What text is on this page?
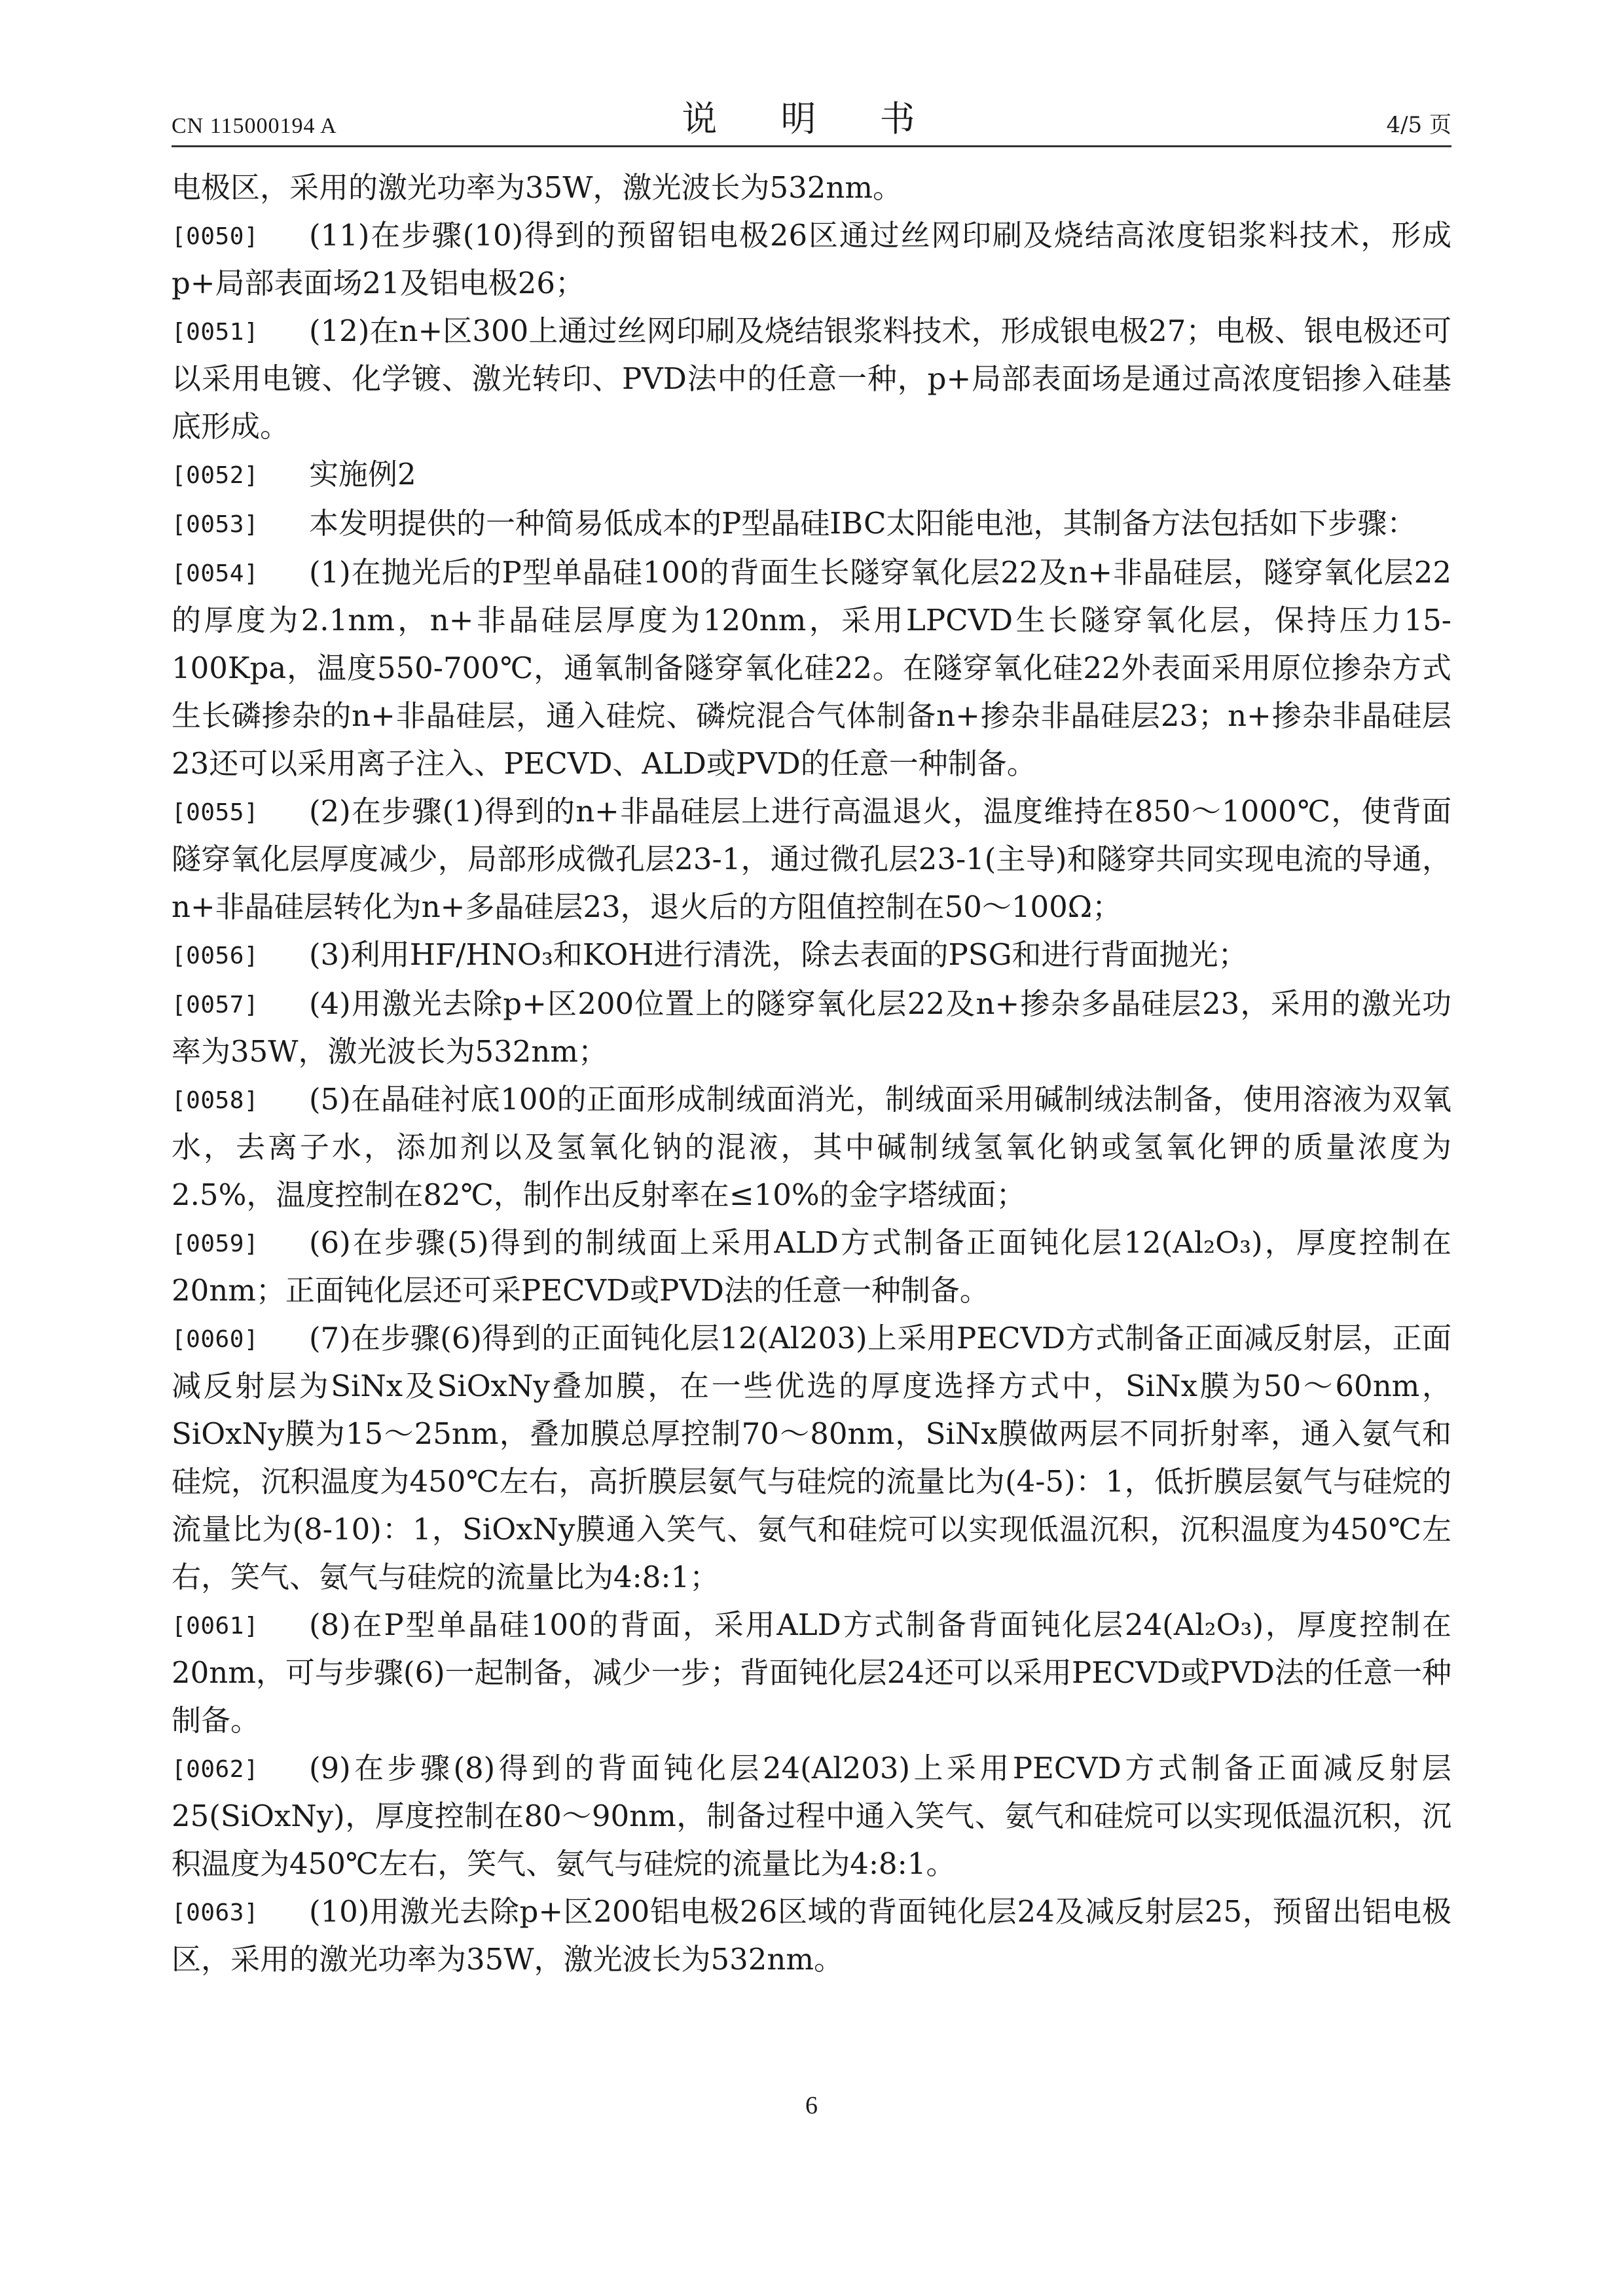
CN 115000194 A	说 明 书	4/5 页
电极区，采用的激光功率为35W，激光波长为532nm。
[0050]	(11)在步骤(10)得到的预留铝电极26区通过丝网印刷及烧结高浓度铝浆料技术，形成p+局部表面场21及铝电极26；
[0051]	(12)在n+区300上通过丝网印刷及烧结银浆料技术，形成银电极27；电极、银电极还可以采用电镀、化学镀、激光转印、PVD法中的任意一种，p+局部表面场是通过高浓度铝掺入硅基底形成。
[0052]	实施例2
[0053]	本发明提供的一种简易低成本的P型晶硅IBC太阳能电池，其制备方法包括如下步骤：
[0054]	(1)在抛光后的P型单晶硅100的背面生长隧穿氧化层22及n+非晶硅层，隧穿氧化层22的厚度为2.1nm，n+非晶硅层厚度为120nm，采用LPCVD生长隧穿氧化层，保持压力15-100Kpa，温度550-700℃，通氧制备隧穿氧化硅22。在隧穿氧化硅22外表面采用原位掺杂方式生长磷掺杂的n+非晶硅层，通入硅烷、磷烷混合气体制备n+掺杂非晶硅层23；n+掺杂非晶硅层23还可以采用离子注入、PECVD、ALD或PVD的任意一种制备。
[0055]	(2)在步骤(1)得到的n+非晶硅层上进行高温退火，温度维持在850～1000℃，使背面隧穿氧化层厚度减少，局部形成微孔层23-1，通过微孔层23-1(主导)和隧穿共同实现电流的导通，n+非晶硅层转化为n+多晶硅层23，退火后的方阻值控制在50～100Ω；
[0056]	(3)利用HF/HNO₃和KOH进行清洗，除去表面的PSG和进行背面抛光；
[0057]	(4)用激光去除p+区200位置上的隧穿氧化层22及n+掺杂多晶硅层23，采用的激光功率为35W，激光波长为532nm；
[0058]	(5)在晶硅衬底100的正面形成制绒面消光，制绒面采用碱制绒法制备，使用溶液为双氧水，去离子水，添加剂以及氢氧化钠的混液，其中碱制绒氢氧化钠或氢氧化钾的质量浓度为2.5%，温度控制在82℃，制作出反射率在≤10%的金字塔绒面；
[0059]	(6)在步骤(5)得到的制绒面上采用ALD方式制备正面钝化层12(Al₂O₃)，厚度控制在20nm；正面钝化层还可采PECVD或PVD法的任意一种制备。
[0060]	(7)在步骤(6)得到的正面钝化层12(Al203)上采用PECVD方式制备正面减反射层，正面减反射层为SiNx及SiOxNy叠加膜，在一些优选的厚度选择方式中，SiNx膜为50～60nm，SiOxNy膜为15～25nm，叠加膜总厚控制70～80nm，SiNx膜做两层不同折射率，通入氨气和硅烷，沉积温度为450℃左右，高折膜层氨气与硅烷的流量比为(4-5)：1，低折膜层氨气与硅烷的流量比为(8-10)：1，SiOxNy膜通入笑气、氨气和硅烷可以实现低温沉积，沉积温度为450℃左右，笑气、氨气与硅烷的流量比为4:8:1；
[0061]	(8)在P型单晶硅100的背面，采用ALD方式制备背面钝化层24(Al₂O₃)，厚度控制在20nm，可与步骤(6)一起制备，减少一步；背面钝化层24还可以采用PECVD或PVD法的任意一种制备。
[0062]	(9)在步骤(8)得到的背面钝化层24(Al203)上采用PECVD方式制备正面减反射层25(SiOxNy)，厚度控制在80～90nm，制备过程中通入笑气、氨气和硅烷可以实现低温沉积，沉积温度为450℃左右，笑气、氨气与硅烷的流量比为4:8:1。
[0063]	(10)用激光去除p+区200铝电极26区域的背面钝化层24及减反射层25，预留出铝电极区，采用的激光功率为35W，激光波长为532nm。
6
